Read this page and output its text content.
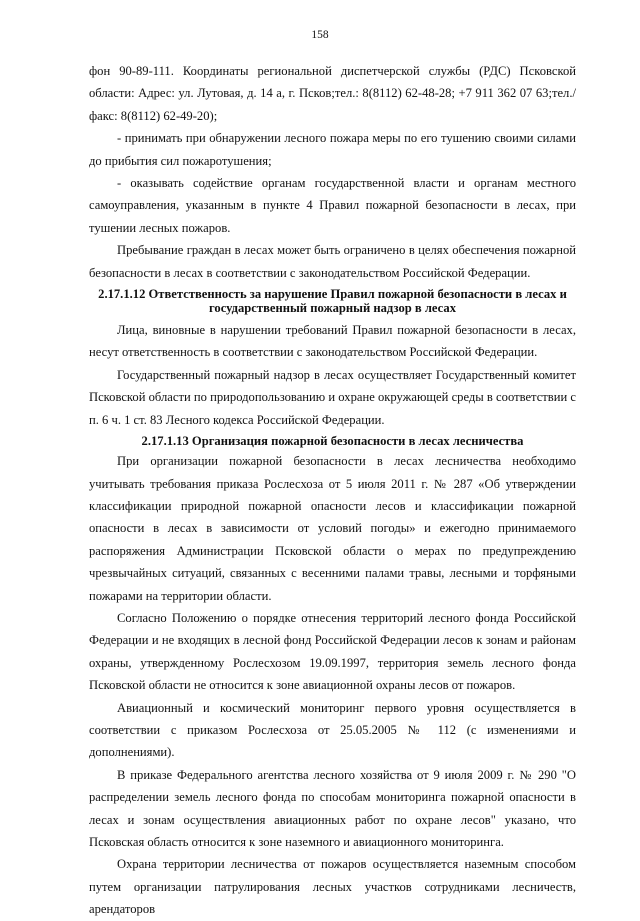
158

фон 90-89-111. Координаты региональной диспетчерской службы (РДС) Псковской области: Адрес: ул. Лутовая, д. 14 а, г. Псков;тел.: 8(8112) 62-48-28; +7 911 362 07 63;тел./факс: 8(8112) 62-49-20);

- принимать при обнаружении лесного пожара меры по его тушению своими силами до прибытия сил пожаротушения;

- оказывать содействие органам государственной власти и органам местного самоуправления, указанным в пункте 4 Правил пожарной безопасности в лесах, при тушении лесных пожаров.

Пребывание граждан в лесах может быть ограничено в целях обеспечения пожарной безопасности в лесах в соответствии с законодательством Российской Федерации.

2.17.1.12 Ответственность за нарушение Правил пожарной безопасности в лесах и государственный пожарный надзор в лесах

Лица, виновные в нарушении требований Правил пожарной безопасности в лесах, несут ответственность в соответствии с законодательством Российской Федерации.

Государственный пожарный надзор в лесах осуществляет Государственный комитет Псковской области по природопользованию и охране окружающей среды в соответствии с п. 6 ч. 1 ст. 83 Лесного кодекса Российской Федерации.

2.17.1.13 Организация пожарной безопасности в лесах лесничества

При организации пожарной безопасности в лесах лесничества необходимо учитывать требования приказа Рослесхоза от 5 июля 2011 г. № 287 «Об утверждении классификации природной пожарной опасности лесов и классификации пожарной опасности в лесах в зависимости от условий погоды» и ежегодно принимаемого распоряжения Администрации Псковской области о мерах по предупреждению чрезвычайных ситуаций, связанных с весенними палами травы, лесными и торфяными пожарами на территории области.

Согласно Положению о порядке отнесения территорий лесного фонда Российской Федерации и не входящих в лесной фонд Российской Федерации лесов к зонам и районам охраны, утвержденному Рослесхозом 19.09.1997, территория земель лесного фонда Псковской области не относится к зоне авиационной охраны лесов от пожаров.

Авиационный и космический мониторинг первого уровня осуществляется в соответствии с приказом Рослесхоза от 25.05.2005 № 112 (с изменениями и дополнениями).

В приказе Федерального агентства леcного хозяйства от 9 июля 2009 г. № 290 "О распределении земель лесного фонда по способам мониторинга пожарной опасности в лесах и зонам осуществления авиационных работ по охране лесов" указано, что Псковская область относится к зоне наземного и авиационного мониторинга.

Охрана территории лесничества от пожаров осуществляется наземным способом путем организации патрулирования лесных участков сотрудниками лесничеств, арендаторов
